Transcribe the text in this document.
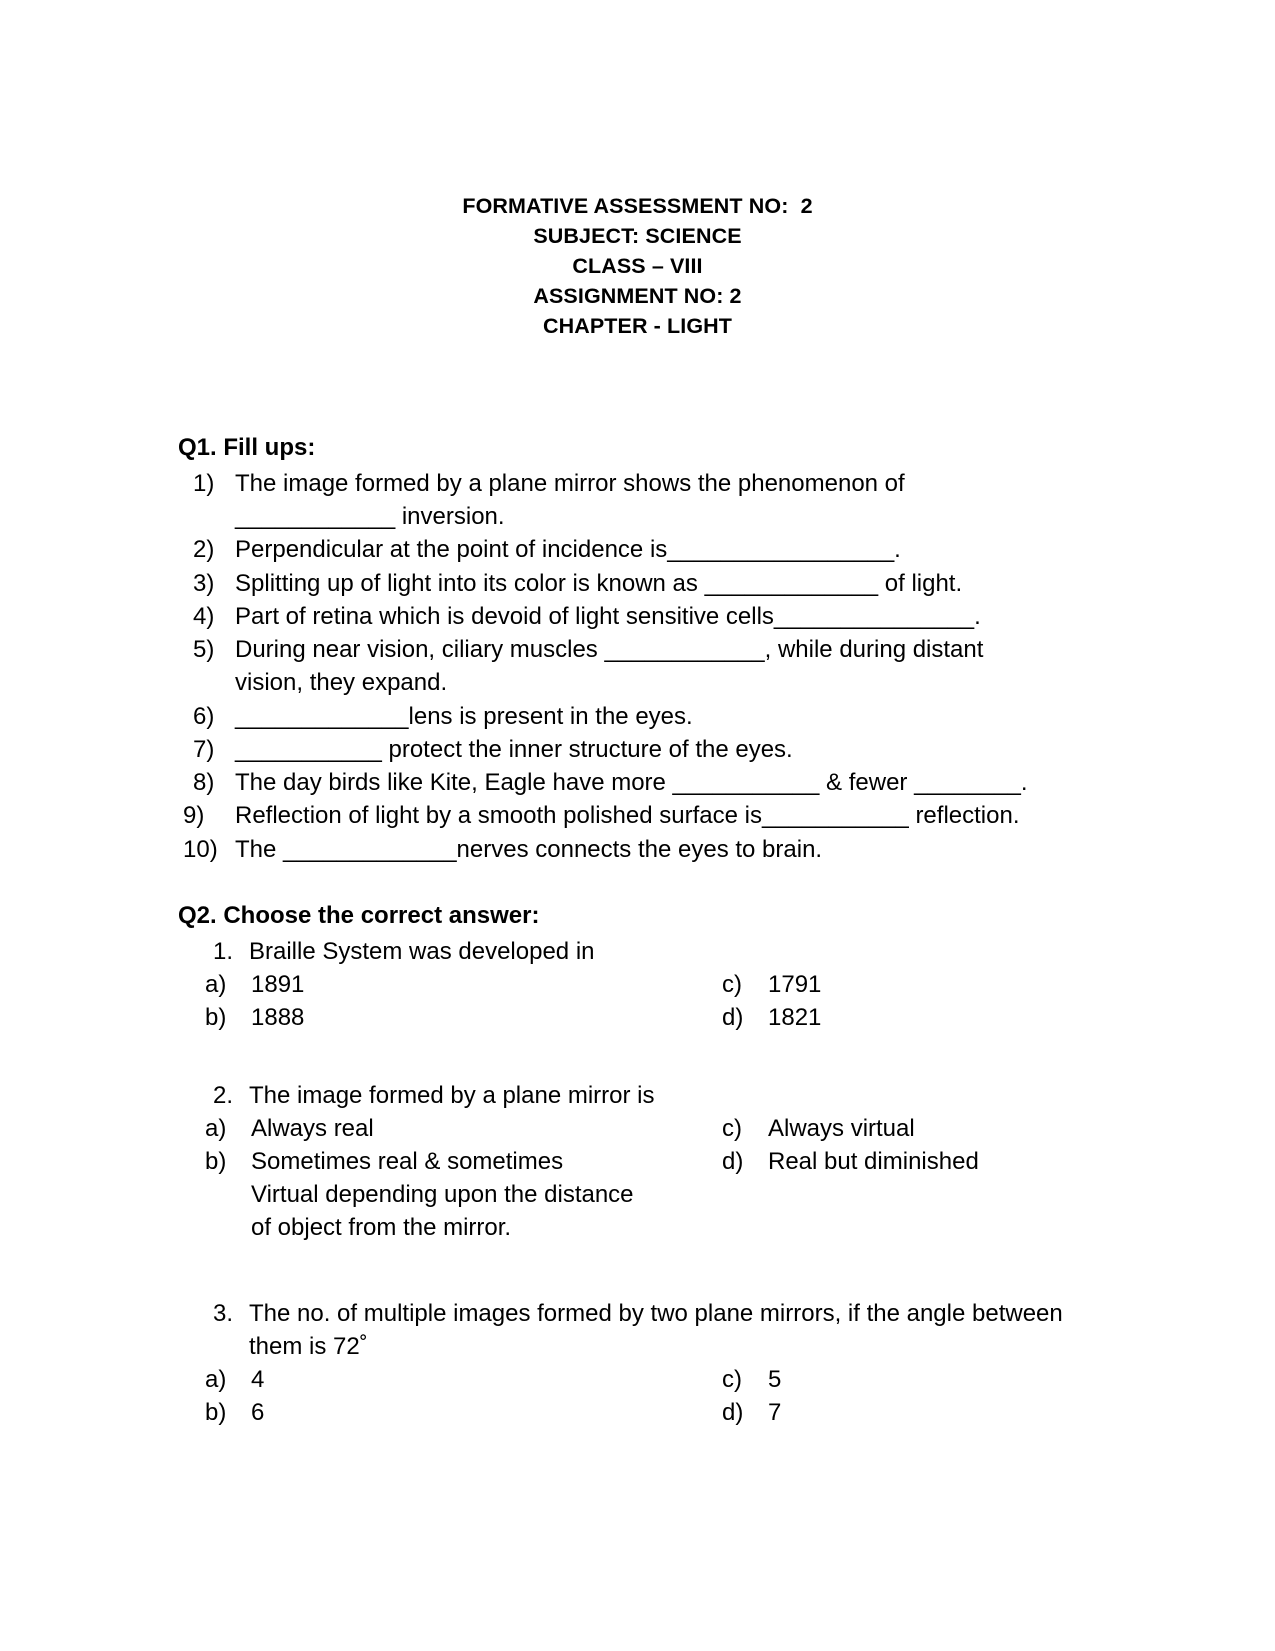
FORMATIVE ASSESSMENT NO:  2
SUBJECT: SCIENCE
CLASS – VIII
ASSIGNMENT NO: 2
CHAPTER - LIGHT
Q1. Fill ups:
1) The image formed by a plane mirror shows the phenomenon of
____________ inversion.
2) Perpendicular at the point of incidence is_________________.
3) Splitting up of light into its color is known as _____________ of light.
4) Part of retina which is devoid of light sensitive cells_______________.
5) During near vision, ciliary muscles ____________, while during distant
vision, they expand.
6) _____________lens is present in the eyes.
7) ___________ protect the inner structure of the eyes.
8) The day birds like Kite, Eagle have more ___________ & fewer ________.
9)	Reflection of light by a smooth polished surface is___________ reflection.
10) The _____________nerves connects the eyes to brain.
Q2. Choose the correct answer:
1. Braille System was developed in
a)	1891	c)	1791
b)	1888	d)	1821
2. The image formed by a plane mirror is
a)	Always real	c)	Always virtual
b)	Sometimes real & sometimes	d)	Real but diminished
Virtual depending upon the distance
of object from the mirror.
3. The no. of multiple images formed by two plane mirrors, if the angle between them is 72˚
a)	4	c)	5
b)	6	d)	7
